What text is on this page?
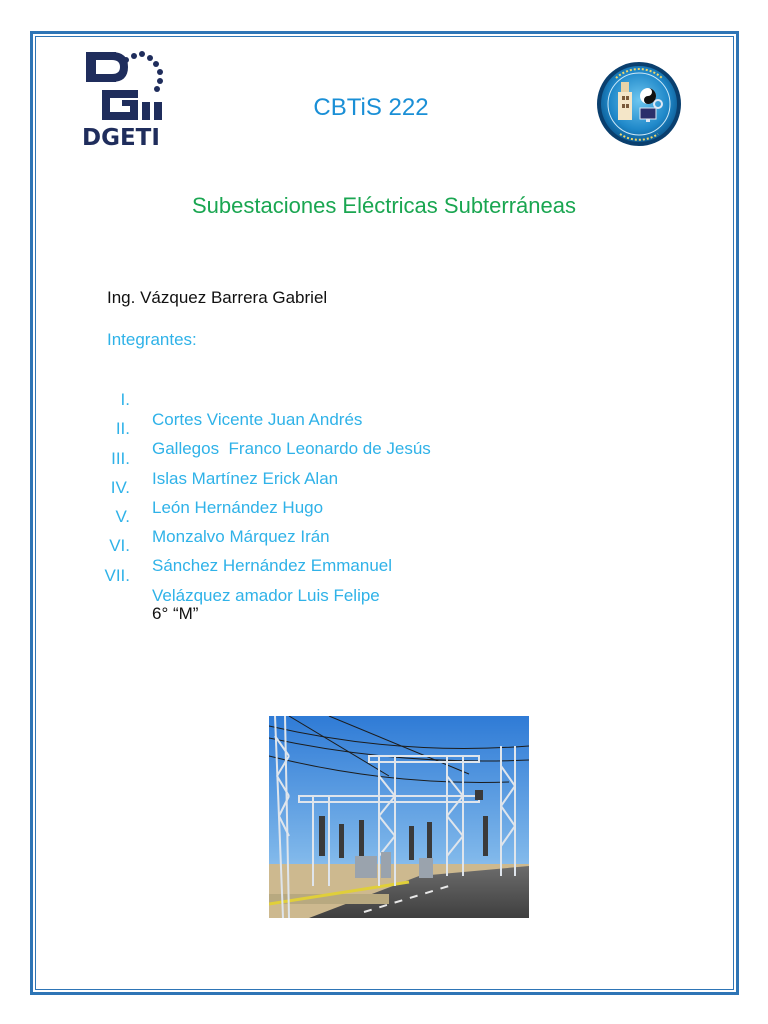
DGETI
CBTiS 222
Subestaciones Eléctricas Subterráneas
Ing. Vázquez Barrera Gabriel
Integrantes:

I.

Cortes Vicente Juan Andrés

II.

Gallegos  Franco Leonardo de Jesús

III.

Islas Martínez Erick Alan

IV.

León Hernández Hugo

V.

Monzalvo Márquez Irán

VI.

Sánchez Hernández Emmanuel

VII.

Velázquez amador Luis Felipe

6° “M”
